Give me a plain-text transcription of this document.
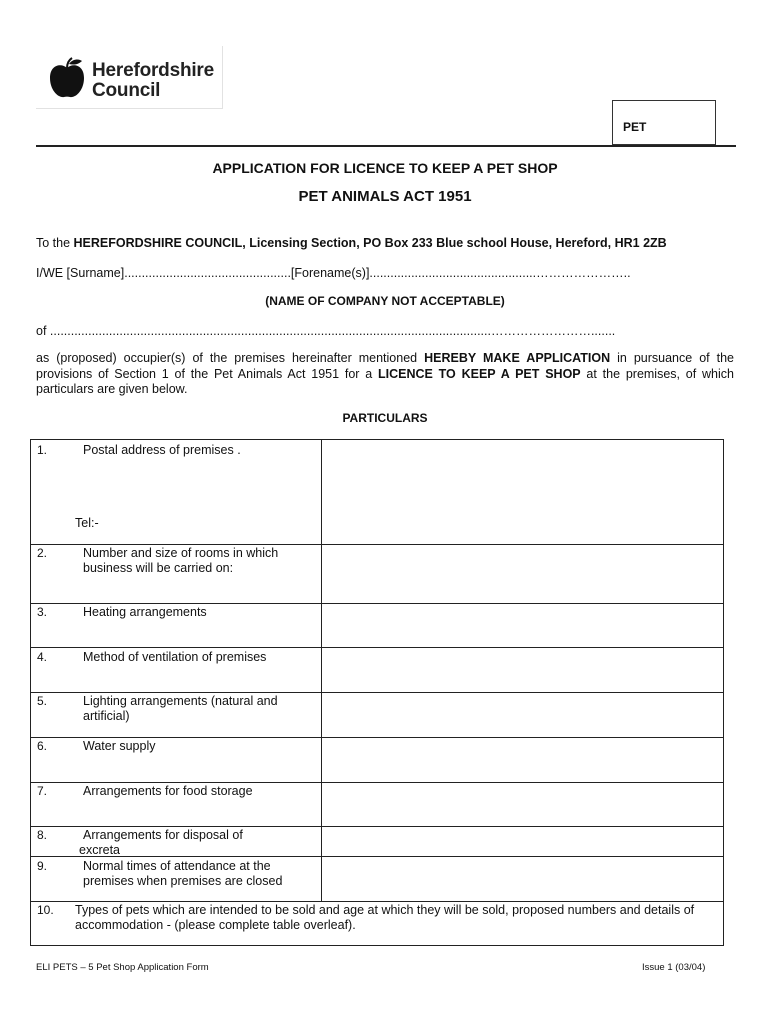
Herefordshire
Council
PET
APPLICATION FOR LICENCE TO KEEP A PET SHOP
PET ANIMALS ACT 1951
To the HEREFORDSHIRE COUNCIL, Licensing Section, PO Box 233 Blue school House, Hereford, HR1 2ZB
I/WE [Surname]................................................[Forename(s)]................................................…………………..
(NAME OF COMPANY NOT ACCEPTABLE)
of ...............................................................................................................................…………………….......
as (proposed) occupier(s) of the premises hereinafter mentioned HEREBY MAKE APPLICATION in pursuance of the provisions of Section 1 of the Pet Animals Act 1951 for a LICENCE TO KEEP A PET SHOP at the premises, of which particulars are given below.
PARTICULARS
1.	Postal address of premises .
Tel:-
2.	Number and size of rooms in which business will be carried on:
3.	Heating arrangements
4.	Method of ventilation of premises
5.	Lighting arrangements (natural and artificial)
6.	Water supply
7.	Arrangements for food storage
8.	Arrangements for disposal of
excreta
9.	Normal times of attendance at the premises when premises are closed
10. Types of pets which are intended to be sold and age at which they will be sold, proposed numbers and details of accommodation - (please complete table overleaf).
ELI PETS – 5 Pet Shop Application Form	Issue 1 (03/04)
